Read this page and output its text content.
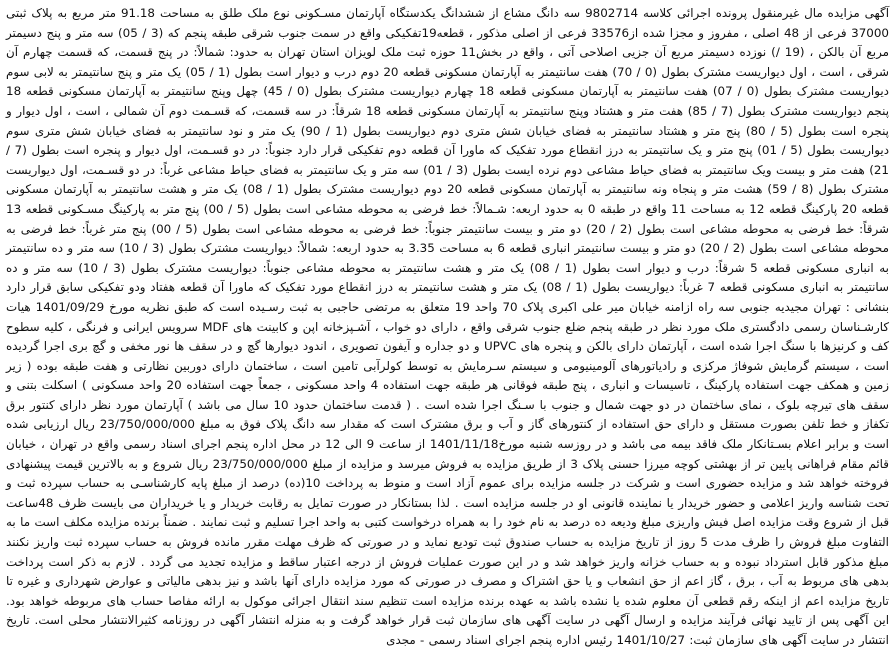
آگهی مزایده مال غیرمنقول پرونده اجرائی کلاسه 9802714 سه دانگ مشاع از ششدانگ یکدستگاه آپارتمان مسـکونی نوع ملک طلق به مساحت 91.18 متر مربع به پلاک ثبتی 37000 فرعی از 48 اصلی ، مفروز و مجزا شده از33576 فرعی از اصلی مذکور ، قطعه19تفکیکی واقع در سمت جنوب شرقی طبقه پنجم که (3 / 05) سه متر و پنج دسیمتر مربع آن بالکن ، (19 /) نوزده دسیمتر مربع آن جزیی اصلاحی آتی ، واقع در بخش11 حوزه ثبت ملک لویزان استان تهران به حدود: شمالاً: در پنج قسمت، که قسمت چهارم آن شرقی ، است ، اول دیواریست مشترک بطول (0 / 70) هفت سانتیمتر به آپارتمان مسکونی قطعه 20 دوم درب و دیوار است بطول (1 / 05) یک متر و پنج سانتیمتر به لابی سوم دیواریست مشترک بطول (0 / 07) هفت سانتیمتر به آپارتمان مسکونی قطعه 18 چهارم دیواریست مشترک بطول (0 / 45) چهل وپنج سانتیمتر به آپارتمان مسکونی قطعه 18 پنجم دیواریست مشترک بطول (7 / 85) هفت متر و هشتاد وپنج سانتیمتر به آپارتمان مسکونی قطعه 18 شرقاً: در سه قسمت، که قسـمت دوم آن شمالی ، است ، اول دیوار و پنجره است بطول (5 / 80) پنج متر و هشتاد سانتیمتر به فضای خیابان شش متری دوم دیواریست بطول (1 / 90) یک متر و نود سانتیمتر به فضای خیابان شش متری سوم دیواریست بطول (5 / 01) پنج متر و یک سانتیمتر به درز انقطاع مورد تفکیک که ماورا آن قطعه دوم تفکیکی قرار دارد جنوباً: در دو قسـمت، اول دیوار و پنجره است بطول (7 / 21) هفت متر و بیست ویک سانتیمتر به فضای حیاط مشاعی دوم نرده ایست بطول (3 / 01) سه متر و یک سانتیمتر به فضای حیاط مشاعی غرباً: در دو قسـمت، اول دیواریست مشترک بطول (8 / 59) هشت متر و پنجاه ونه سانتیمتر به آپارتمان مسکونی قطعه 20 دوم دیواریست مشترک بطول (1 / 08) یک متر و هشت سانتیمتر به آپارتمان مسکونی قطعه 20 پارکینگ قطعه 12 به مساحت 11 واقع در طبقه 0 به حدود اربعه: شـمالاً: خط فرضی به محوطه مشاعی است بطول (5 / 00) پنج متر به پارکینگ مسـکونی قطعه 13 شرقاً: خط فرضی به محوطه مشاعی است بطول (2 / 20) دو متر و بیست سانتیمتر جنوباً: خط فرضی به محوطه مشاعی است بطول (5 / 00) پنج متر غرباً: خط فرضی به محوطه مشاعی است بطول (2 / 20) دو متر و بیست سانتیمتر انباری قطعه 6 به مساحت 3.35 به حدود اربعه: شمالاً: دیواریست مشترک بطول (3 / 10) سه متر و ده سانتیمتر به انباری مسکونی قطعه 5 شرقاً: درب و دیوار است بطول (1 / 08) یک متر و هشت سانتیمتر به محوطه مشاعی جنوباً: دیواریست مشترک بطول (3 / 10) سه متر و ده سانتیمتر به انباری مسکونی قطعه 7 غرباً: دیواریست بطول (1 / 08) یک متر و هشت سانتیمتر به درز انقطاع مورد تفکیک که ماورا آن قطعه هفتاد ودو تفکیکی سابق قرار دارد بنشانی : تهران مجیدیه جنوبی سه راه ازامنه خیابان میر علی اکبری پلاک 70 واحد 19 متعلق به مرتضی حاجبی به ثبت رسـیده است که طبق نظریه مورخ 1401/09/29 هیات کارشـناسان رسمی دادگستری ملک مورد نظر در طبقه پنجم ضلع جنوب شرقی واقع ، دارای دو خواب ، آشـپزخانه اپن و کابینت های MDF سرویس ایرانی و فرنگی ، کلیه سطوح کف و کرنیزها با سنگ اجرا شده است ، آپارتمان دارای بالکن و پنجره های UPVC و دو جداره و آیفون تصویری ، اندود دیوارها گچ و در سقف ها نور مخفی و گچ بری اجرا گردیده است ، سیستم گرمایش شوفاژ مرکزی و رادیاتورهای آلومینیومی و سیستم سـرمایش به توسط کولرآبی تامین است ، ساختمان دارای دوربین نظارتی و هفت طبقه بوده ( زیر زمین و همکف جهت استفاده پارکینگ ، تاسیسات و انباری ، پنج طبقه فوقانی هر طبقه جهت استفاده 4 واحد مسکونی ، جمعاً جهت استفاده 20 واحد مسکونی ) اسکلت بتنی و سقف های تیرچه بلوک ، نمای ساختمان در دو جهت شمال و جنوب با سـنگ اجرا شده است . ( قدمت ساختمان حدود 10 سال می باشد ) آپارتمان مورد نظر دارای کنتور برق تکفاز و خط تلفن بصورت مستقل و دارای حق استفاده از کنتورهای گاز و آب و برق مشترک است که مقدار سه دانگ پلاک فوق به مبلغ 23/750/000/000 ریال ارزیابی شده است و برابر اعلام بسـتانکار ملک فاقد بیمه می باشد و در روزسه شنبه مورخ1401/11/18 از ساعت 9 الی 12 در محل اداره پنجم اجرای اسناد رسمی واقع در تهران ، خیابان قائم مقام فراهانی پایین تر از بهشتی کوچه میرزا حسنی پلاک 3 از طریق مزایده به فروش میرسد و مزایده از مبلغ 23/750/000/000 ریال شروع و به بالاترین قیمت پیشنهادی فروخته خواهد شد و مزایده حضوری است و شرکت در جلسه مزایده برای عموم آزاد است و منوط به پرداخت 10(ده) درصد از مبلغ پایه کارشناسـی به حساب سپرده ثبت و تحت شناسه واریز اعلامی و حضور خریدار یا نماینده قانونی او در جلسه مزایده است . لذا بستانکار در صورت تمایل به رقابت خریدار و یا خریداران می بایست ظرف 48ساعت قبل از شروع وقت مزایده اصل فیش واریزی مبلغ ودیعه ده درصد به نام خود را به همراه درخواست کتبی به واحد اجرا تسلیم و ثبت نمایند . ضمناً برنده مزایده مکلف است ما به التفاوت مبلغ فروش را ظرف مدت 5 روز از تاریخ مزایده به حساب صندوق ثبت تودیع نماید و در صورتی که ظرف مهلت مقرر مانده فروش به حساب سپرده ثبت واریز نکنند مبلغ مذکور قابل استرداد نبوده و به حساب خزانه واریز خواهد شد و در این صورت عملیات فروش از درجه اعتبار ساقط و مزایده تجدید می گردد . لازم به ذکر است پرداخت بدهی های مربوط به آب ، برق ، گاز اعم از حق انشعاب و یا حق اشتراک و مصرف در صورتی که مورد مزایده دارای آنها باشد و نیز بدهی مالیاتی و عوارض شهرداری و غیره تا تاریخ مزایده اعم از اینکه رقم قطعی آن معلوم شده یا نشده باشد به عهده برنده مزایده است تنظیم سند انتقال اجرائی موکول به ارائه مفاصا حساب های مربوطه خواهد بود. این آگهی پس از تایید نهائی فرآیند مزایده و ارسال آگهی در سایت آگهی های سازمان ثبت قرار خواهد گرفت و به منزله انتشار آگهی در روزنامه کثیرالانتشار محلی است. تاریخ انتشار در سایت آگهی های سازمان ثبت: 1401/10/27 رئیس اداره پنجم اجرای اسناد رسمی - مجدی
